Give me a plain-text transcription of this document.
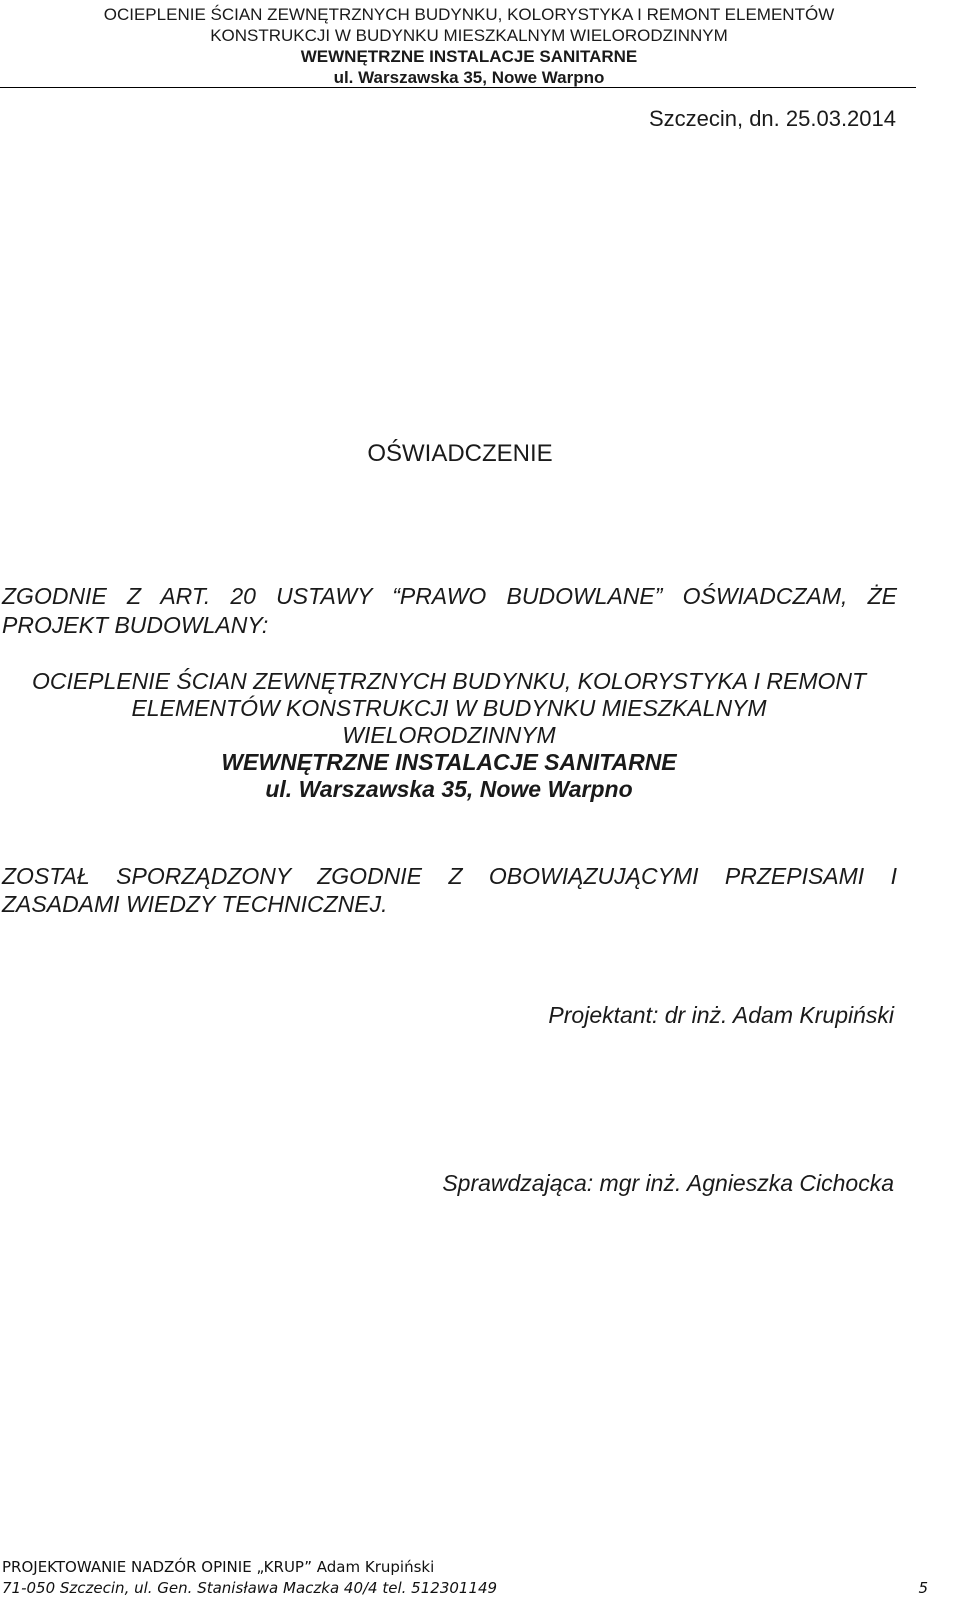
OCIEPLENIE ŚCIAN ZEWNĘTRZNYCH BUDYNKU, KOLORYSTYKA I REMONT ELEMENTÓW
KONSTRUKCJI W BUDYNKU MIESZKALNYM WIELORODZINNYM
WEWNĘTRZNE INSTALACJE SANITARNE
ul. Warszawska 35, Nowe Warpno
Szczecin, dn. 25.03.2014
OŚWIADCZENIE
ZGODNIE Z ART. 20 USTAWY “PRAWO BUDOWLANE” OŚWIADCZAM, ŻE PROJEKT BUDOWLANY:
OCIEPLENIE ŚCIAN ZEWNĘTRZNYCH BUDYNKU, KOLORYSTYKA I REMONT
ELEMENTÓW KONSTRUKCJI W BUDYNKU MIESZKALNYM
WIELORODZINNYM
WEWNĘTRZNE INSTALACJE SANITARNE
ul. Warszawska 35, Nowe Warpno
ZOSTAŁ SPORZĄDZONY ZGODNIE Z OBOWIĄZUJĄCYMI PRZEPISAMI I
ZASADAMI WIEDZY TECHNICZNEJ.
Projektant: dr inż. Adam Krupiński
Sprawdzająca: mgr inż. Agnieszka Cichocka
PROJEKTOWANIE NADZÓR OPINIE „KRUP” Adam Krupiński
71-050 Szczecin, ul. Gen. Stanisława Maczka 40/4 tel. 512301149	5
